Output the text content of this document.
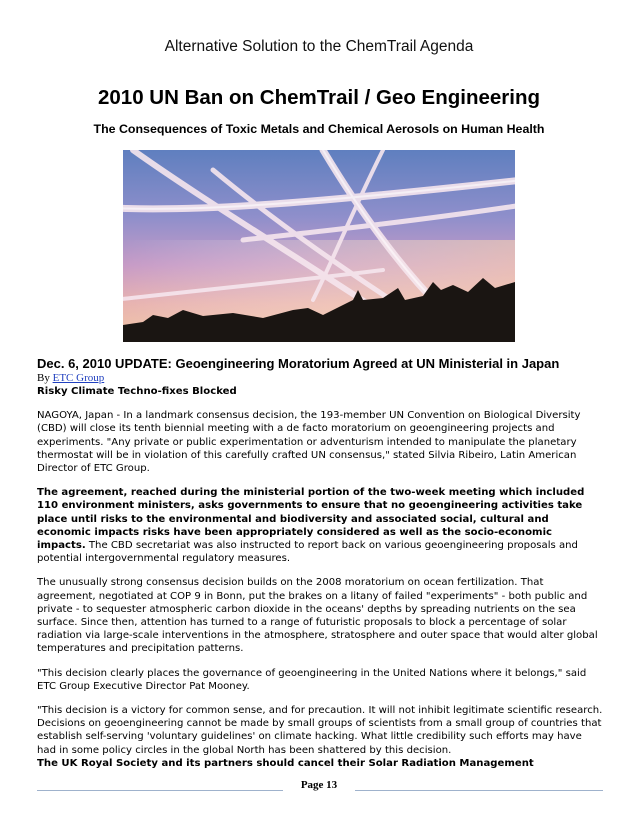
Alternative Solution to the ChemTrail Agenda
2010 UN Ban on ChemTrail / Geo Engineering
The Consequences of Toxic Metals and Chemical Aerosols on Human Health
Dec. 6, 2010 UPDATE: Geoengineering Moratorium Agreed at UN Ministerial in Japan
By ETC Group
Risky Climate Techno-fixes Blocked

NAGOYA, Japan - In a landmark consensus decision, the 193-member UN Convention on Biological Diversity (CBD) will close its tenth biennial meeting with a de facto moratorium on geoengineering projects and experiments. "Any private or public experimentation or adventurism intended to manipulate the planetary thermostat will be in violation of this carefully crafted UN consensus," stated Silvia Ribeiro, Latin American Director of ETC Group.

The agreement, reached during the ministerial portion of the two-week meeting which included 110 environment ministers, asks governments to ensure that no geoengineering activities take place until risks to the environmental and biodiversity and associated social, cultural and economic impacts risks have been appropriately considered as well as the socio-economic impacts. The CBD secretariat was also instructed to report back on various geoengineering proposals and potential intergovernmental regulatory measures.

The unusually strong consensus decision builds on the 2008 moratorium on ocean fertilization. That agreement, negotiated at COP 9 in Bonn, put the brakes on a litany of failed "experiments" - both public and private - to sequester atmospheric carbon dioxide in the oceans' depths by spreading nutrients on the sea surface. Since then, attention has turned to a range of futuristic proposals to block a percentage of solar radiation via large-scale interventions in the atmosphere, stratosphere and outer space that would alter global temperatures and precipitation patterns.

"This decision clearly places the governance of geoengineering in the United Nations where it belongs," said ETC Group Executive Director Pat Mooney.

"This decision is a victory for common sense, and for precaution. It will not inhibit legitimate scientific research. Decisions on geoengineering cannot be made by small groups of scientists from a small group of countries that establish self-serving 'voluntary guidelines' on climate hacking. What little credibility such efforts may have had in some policy circles in the global North has been shattered by this decision.
The UK Royal Society and its partners should cancel their Solar Radiation Management

Page 13
